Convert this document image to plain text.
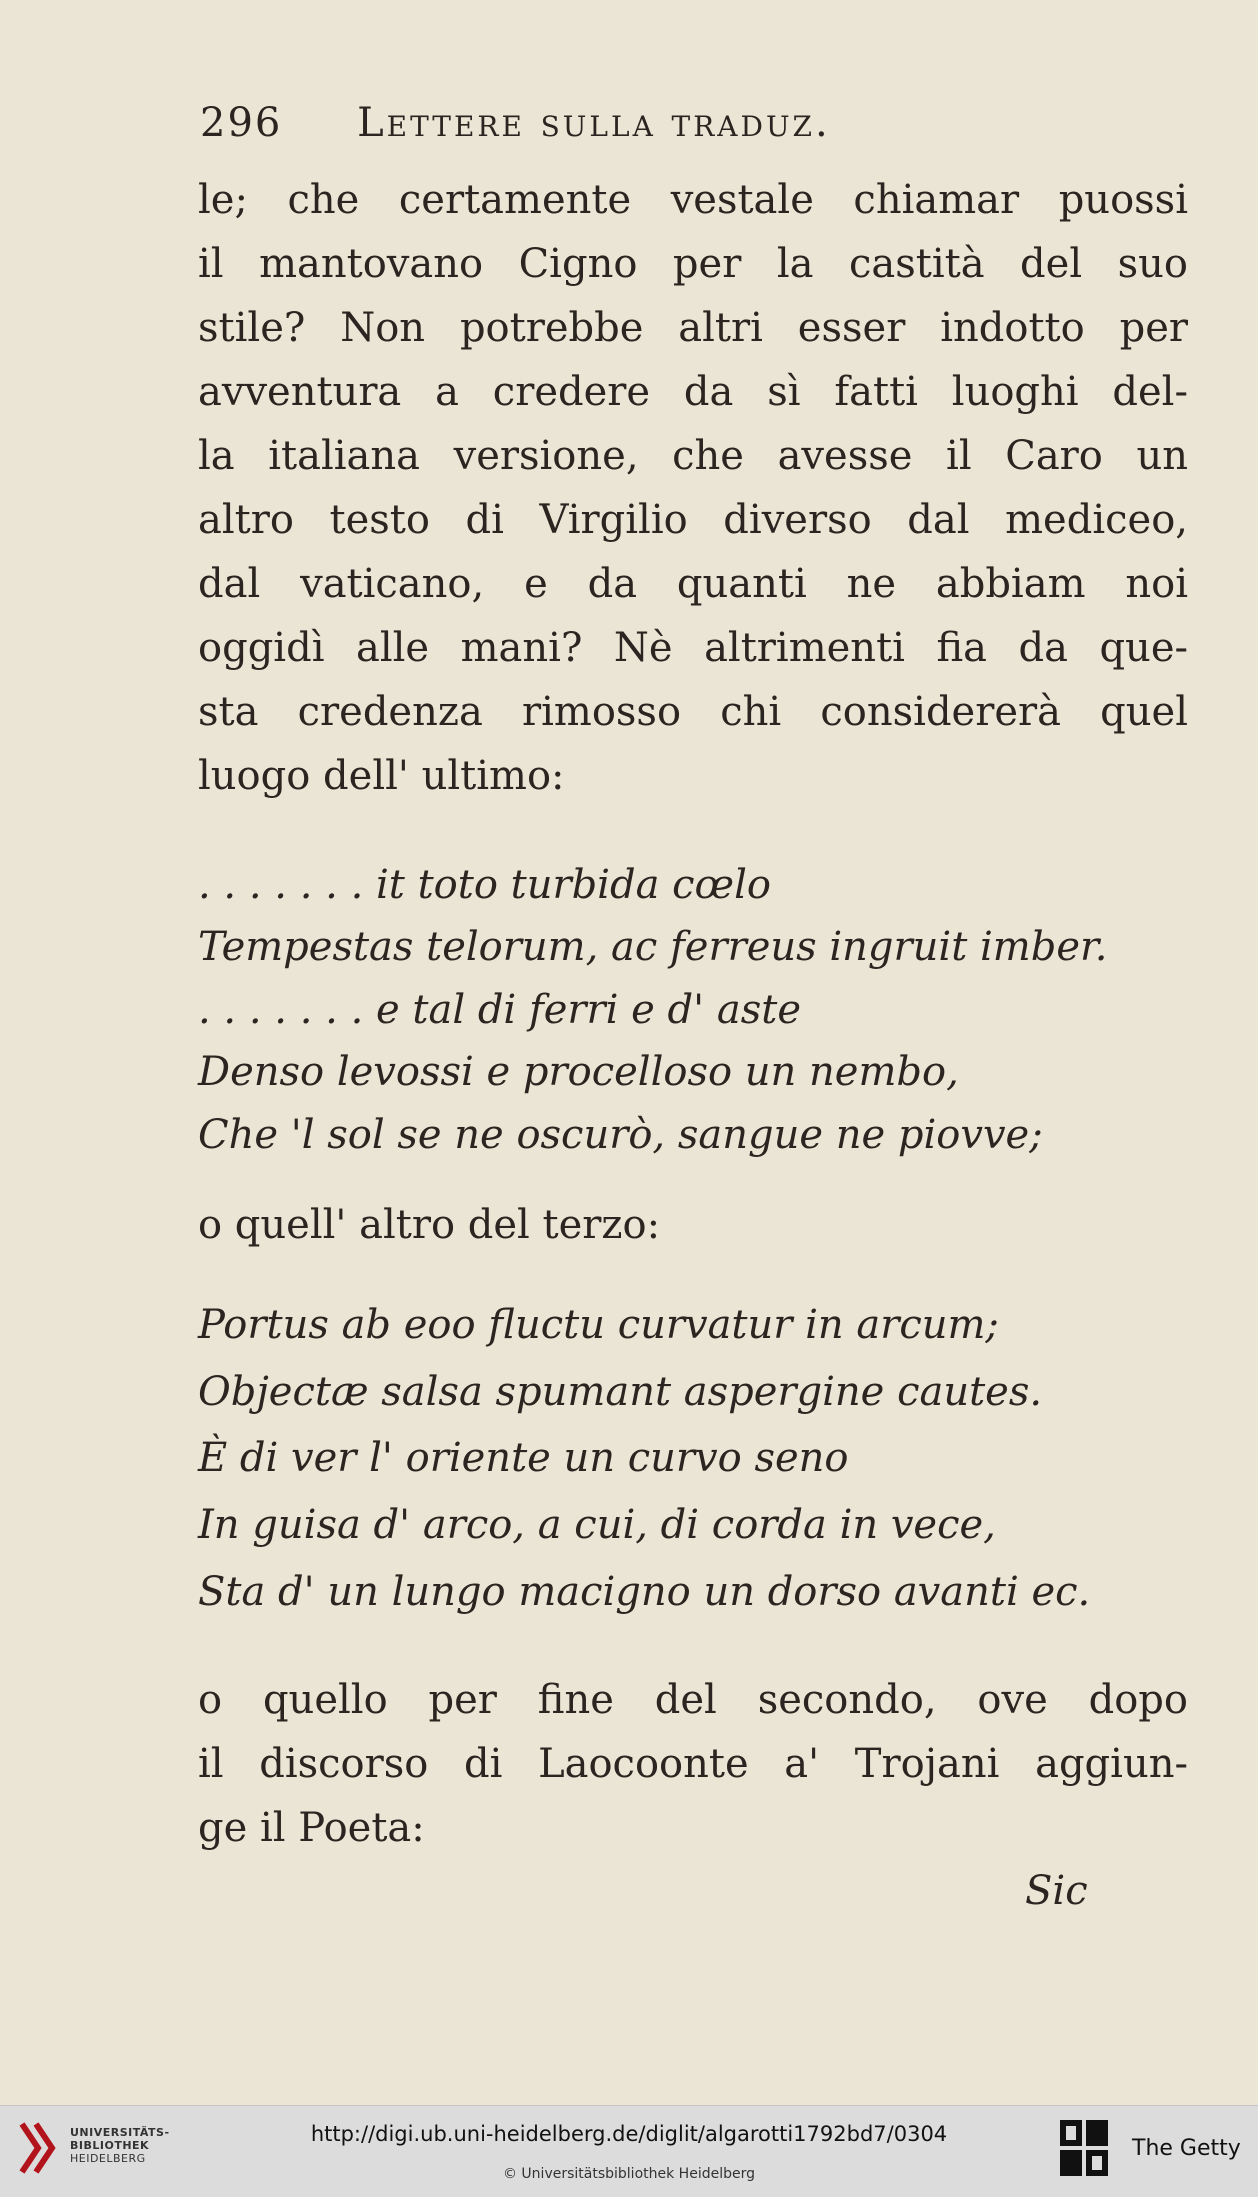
296 Lettere sulla traduz.
le; che certamente vestale chiamar puossi
il mantovano Cigno per la castità del suo
stile? Non potrebbe altri esser indotto per
avventura a credere da sì fatti luoghi del-
la italiana versione, che avesse il Caro un
altro testo di Virgilio diverso dal mediceo,
dal vaticano, e da quanti ne abbiam noi
oggidì alle mani? Nè altrimenti fia da que-
sta credenza rimosso chi considererà quel
luogo dell' ultimo:
. . . . . . . it toto turbida cœlo
Tempestas telorum, ac ferreus ingruit imber.
. . . . . . . e tal di ferri e d' aste
Denso levossi e procelloso un nembo,
Che 'l sol se ne oscurò, sangue ne piovve;
o quell' altro del terzo:
Portus ab eoo fluctu curvatur in arcum;
Objectæ salsa spumant aspergine cautes.
È di ver l' oriente un curvo seno
In guisa d' arco, a cui, di corda in vece,
Sta d' un lungo macigno un dorso avanti ec.
o quello per fine del secondo, ove dopo
il discorso di Laocoonte a' Trojani aggiun-
ge il Poeta:
Sic
UNIVERSITÄTS-
BIBLIOTHEK
HEIDELBERG
http://digi.ub.uni-heidelberg.de/diglit/algarotti1792bd7/0304
© Universitätsbibliothek Heidelberg
The Getty
